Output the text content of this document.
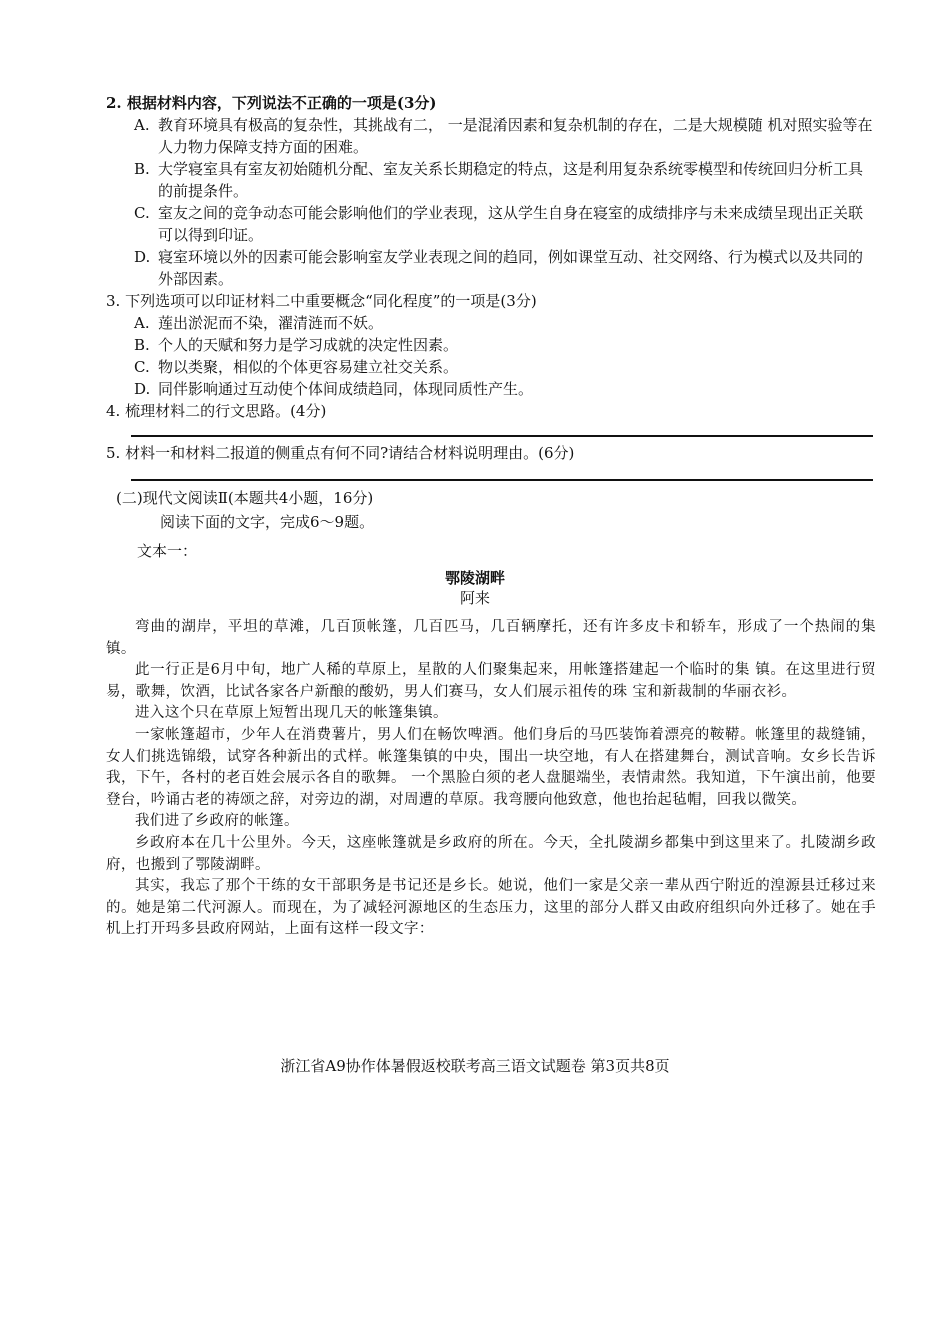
2. 根据材料内容，下列说法不正确的一项是(3分)
A. 教育环境具有极高的复杂性，其挑战有二， 一是混淆因素和复杂机制的存在，二是大规模随 机对照实验等在人力物力保障支持方面的困难。
B. 大学寝室具有室友初始随机分配、室友关系长期稳定的特点，这是利用复杂系统零模型和传统回归分析工具的前提条件。
C. 室友之间的竞争动态可能会影响他们的学业表现，这从学生自身在寝室的成绩排序与未来成绩呈现出正关联可以得到印证。
D. 寝室环境以外的因素可能会影响室友学业表现之间的趋同，例如课堂互动、社交网络、行为模式以及共同的外部因素。
3. 下列选项可以印证材料二中重要概念“同化程度”的一项是(3分)
A. 莲出淤泥而不染，濯清涟而不妖。
B. 个人的天赋和努力是学习成就的决定性因素。
C. 物以类聚，相似的个体更容易建立社交关系。
D. 同伴影响通过互动使个体间成绩趋同，体现同质性产生。
4. 梳理材料二的行文思路。(4分)
5. 材料一和材料二报道的侧重点有何不同?请结合材料说明理由。(6分)
(二)现代文阅读Ⅱ(本题共4小题，16分)
阅读下面的文字，完成6～9题。
文本一：
鄂陵湖畔
阿来

弯曲的湖岸，平坦的草滩，几百顶帐篷，几百匹马，几百辆摩托，还有许多皮卡和轿车，形成了一个热闹的集镇。

此一行正是6月中旬，地广人稀的草原上，星散的人们聚集起来，用帐篷搭建起一个临时的集 镇。在这里进行贸易，歌舞，饮酒，比试各家各户新酿的酸奶，男人们赛马，女人们展示祖传的珠 宝和新裁制的华丽衣衫。

进入这个只在草原上短暂出现几天的帐篷集镇。

一家帐篷超市，少年人在消费薯片，男人们在畅饮啤酒。他们身后的马匹装饰着漂亮的鞍鞯。帐篷里的裁缝铺，女人们挑选锦缎，试穿各种新出的式样。帐篷集镇的中央，围出一块空地，有人在搭建舞台，测试音响。女乡长告诉我，下午，各村的老百姓会展示各自的歌舞。 一个黑脸白须的老人盘腿端坐，表情肃然。我知道，下午演出前，他要登台，吟诵古老的祷颂之辞，对旁边的湖，对周遭的草原。我弯腰向他致意，他也抬起毡帽，回我以微笑。

我们进了乡政府的帐篷。

乡政府本在几十公里外。今天，这座帐篷就是乡政府的所在。今天，全扎陵湖乡都集中到这里来了。扎陵湖乡政府，也搬到了鄂陵湖畔。

其实，我忘了那个干练的女干部职务是书记还是乡长。她说，他们一家是父亲一辈从西宁附近的湟源县迁移过来的。她是第二代河源人。而现在，为了减轻河源地区的生态压力，这里的部分人群又由政府组织向外迁移了。她在手机上打开玛多县政府网站，上面有这样一段文字：

浙江省A9协作体暑假返校联考高三语文试题卷 第3页共8页
